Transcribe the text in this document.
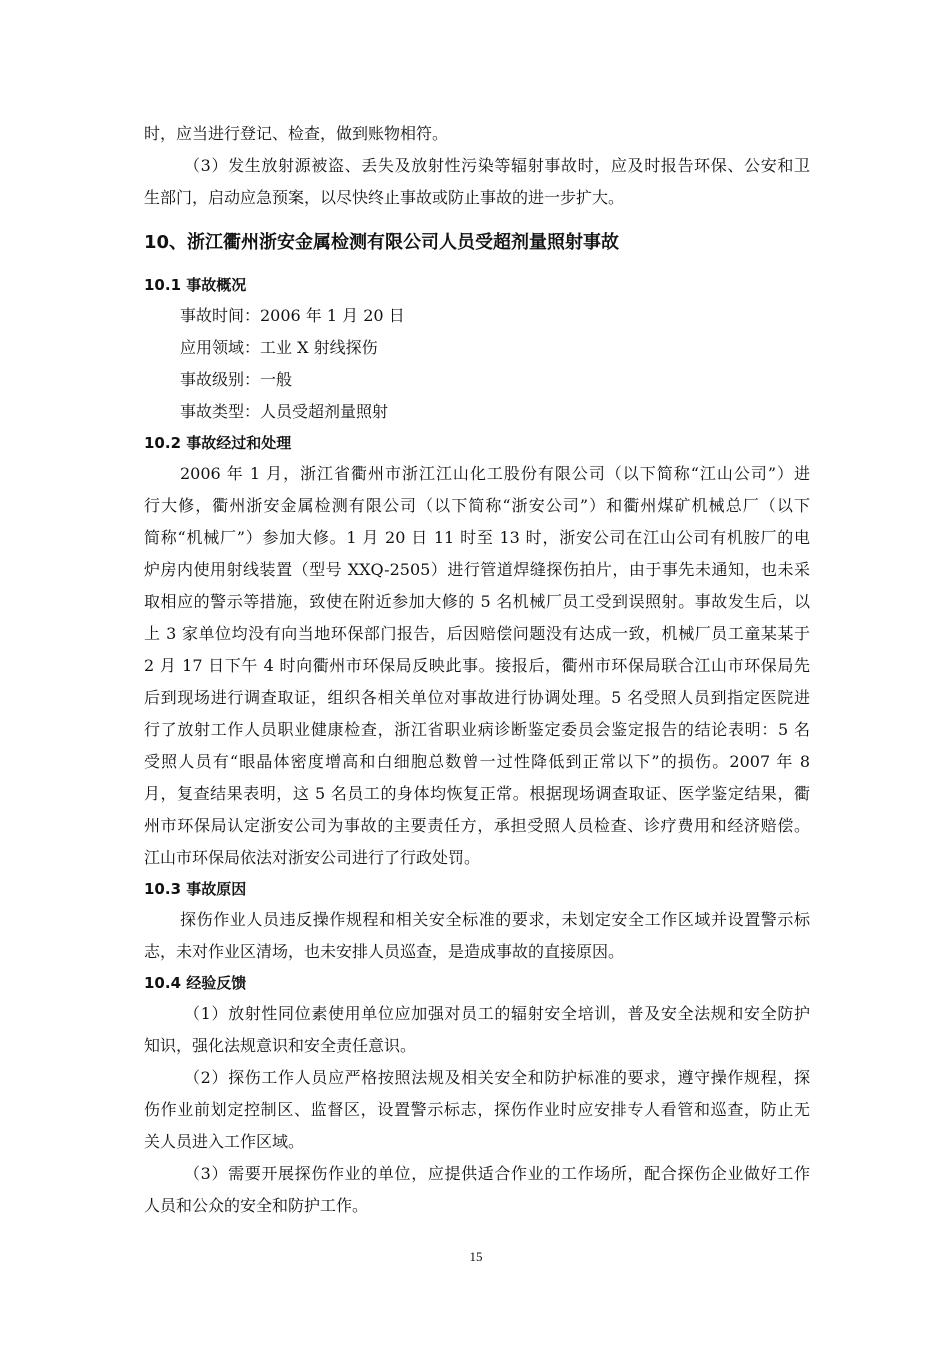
时，应当进行登记、检查，做到账物相符。
（3）发生放射源被盗、丢失及放射性污染等辐射事故时，应及时报告环保、公安和卫
生部门，启动应急预案，以尽快终止事故或防止事故的进一步扩大。
10、浙江衢州浙安金属检测有限公司人员受超剂量照射事故
10.1 事故概况
事故时间：2006 年 1 月 20 日
应用领域：工业 X 射线探伤
事故级别：一般
事故类型：人员受超剂量照射
10.2 事故经过和处理
2006 年 1 月，浙江省衢州市浙江江山化工股份有限公司（以下简称“江山公司”）进
行大修，衢州浙安金属检测有限公司（以下简称“浙安公司”）和衢州煤矿机械总厂（以下
简称“机械厂”）参加大修。1 月 20 日 11 时至 13 时，浙安公司在江山公司有机胺厂的电
炉房内使用射线装置（型号 XXQ-2505）进行管道焊缝探伤拍片，由于事先未通知，也未采
取相应的警示等措施，致使在附近参加大修的 5 名机械厂员工受到误照射。事故发生后，以
上 3 家单位均没有向当地环保部门报告，后因赔偿问题没有达成一致，机械厂员工童某某于
2 月 17 日下午 4 时向衢州市环保局反映此事。接报后，衢州市环保局联合江山市环保局先
后到现场进行调查取证，组织各相关单位对事故进行协调处理。5 名受照人员到指定医院进
行了放射工作人员职业健康检查，浙江省职业病诊断鉴定委员会鉴定报告的结论表明：5 名
受照人员有“眼晶体密度增高和白细胞总数曾一过性降低到正常以下”的损伤。2007 年 8
月，复查结果表明，这 5 名员工的身体均恢复正常。根据现场调查取证、医学鉴定结果，衢
州市环保局认定浙安公司为事故的主要责任方，承担受照人员检查、诊疗费用和经济赔偿。
江山市环保局依法对浙安公司进行了行政处罚。
10.3 事故原因
探伤作业人员违反操作规程和相关安全标准的要求，未划定安全工作区域并设置警示标
志，未对作业区清场，也未安排人员巡查，是造成事故的直接原因。
10.4 经验反馈
（1）放射性同位素使用单位应加强对员工的辐射安全培训，普及安全法规和安全防护
知识，强化法规意识和安全责任意识。
（2）探伤工作人员应严格按照法规及相关安全和防护标准的要求，遵守操作规程，探
伤作业前划定控制区、监督区，设置警示标志，探伤作业时应安排专人看管和巡查，防止无
关人员进入工作区域。
（3）需要开展探伤作业的单位，应提供适合作业的工作场所，配合探伤企业做好工作
人员和公众的安全和防护工作。
15
